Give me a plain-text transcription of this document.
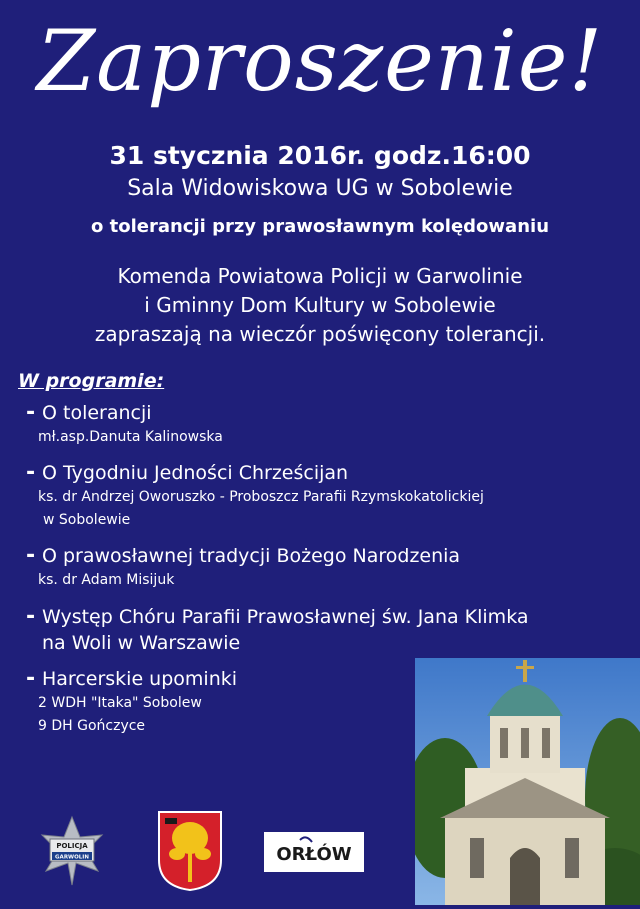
Zaproszenie!
31 stycznia 2016r. godz.16:00
Sala Widowiskowa UG w Sobolewie
o tolerancji przy prawosławnym kolędowaniu
Komenda Powiatowa Policji w Garwolinie
i Gminny Dom Kultury w Sobolewie
zapraszają na wieczór poświęcony tolerancji.
W programie:
- O tolerancji
mł.asp.Danuta Kalinowska
- O Tygodniu Jedności Chrześcijan
ks. dr Andrzej Oworuszko - Proboszcz Parafii Rzymskokatolickiej
w Sobolewie
- O prawosławnej tradycji Bożego Narodzenia
ks. dr Adam Misijuk
- Występ Chóru Parafii Prawosławnej św. Jana Klimka
na Woli w Warszawie
- Harcerskie upominki
2 WDH "Itaka" Sobolew
9 DH Gończyce
POLICJA
GARWOLIN	ORŁÓW
